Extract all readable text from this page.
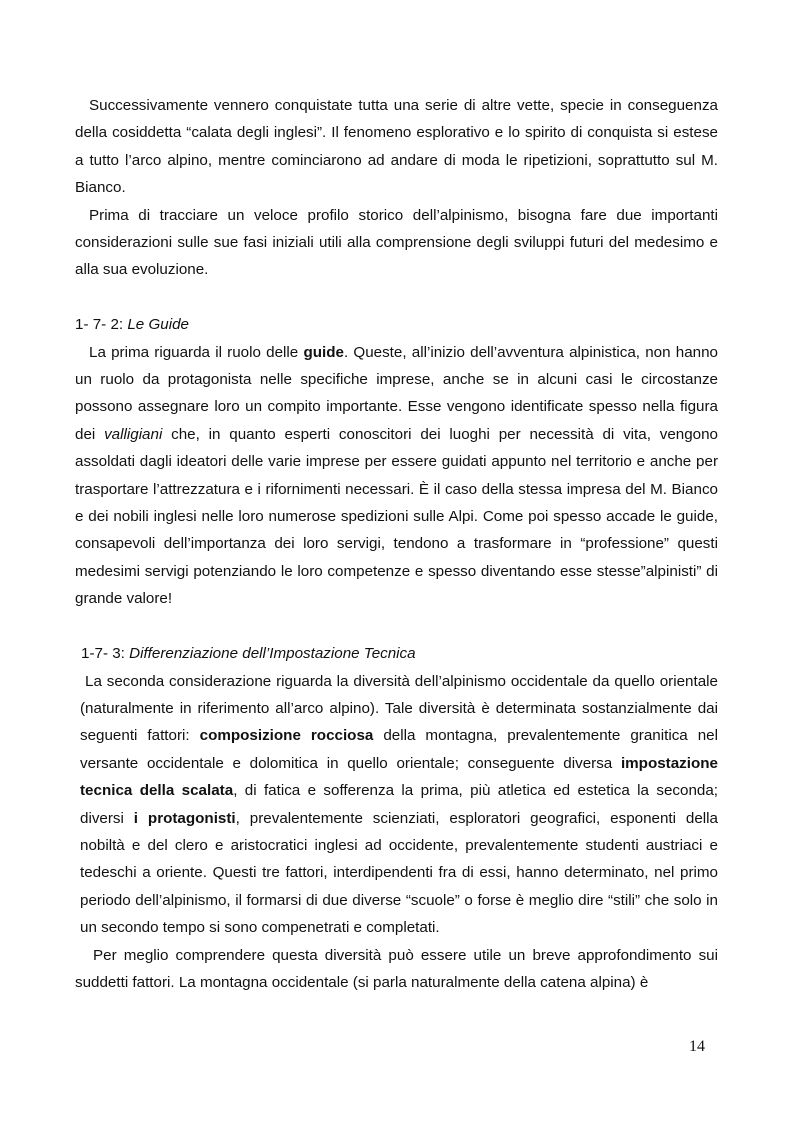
Successivamente vennero conquistate tutta una serie di altre vette, specie in conseguenza della cosiddetta “calata degli inglesi”. Il fenomeno esplorativo e lo spirito di conquista si estese a tutto l’arco alpino, mentre cominciarono ad andare di moda le ripetizioni, soprattutto sul M. Bianco.

Prima di tracciare un veloce profilo storico dell’alpinismo, bisogna fare due importanti considerazioni sulle sue fasi iniziali utili alla comprensione degli sviluppi futuri del medesimo e alla sua evoluzione.

1- 7- 2: Le Guide

La prima riguarda il ruolo delle guide. Queste, all’inizio dell’avventura alpinistica, non hanno un ruolo da protagonista nelle specifiche imprese, anche se in alcuni casi le circostanze possono assegnare loro un compito importante. Esse vengono identificate spesso nella figura dei valligiani che, in quanto esperti conoscitori dei luoghi per necessità di vita, vengono assoldati dagli ideatori delle varie imprese per essere guidati appunto nel territorio e anche per trasportare l’attrezzatura e i rifornimenti necessari. È il caso della stessa impresa del M. Bianco e dei nobili inglesi nelle loro numerose spedizioni sulle Alpi. Come poi spesso accade le guide, consapevoli dell’importanza dei loro servigi, tendono a trasformare in “professione” questi medesimi servigi potenziando le loro competenze e spesso diventando esse stesse”alpinisti” di grande valore!

1-7- 3: Differenziazione dell’Impostazione Tecnica

La seconda considerazione riguarda la diversità dell’alpinismo occidentale da quello orientale (naturalmente in riferimento all’arco alpino). Tale diversità è determinata sostanzialmente dai seguenti fattori: composizione rocciosa della montagna, prevalentemente granitica nel versante occidentale e dolomitica in quello orientale; conseguente diversa impostazione tecnica della scalata, di fatica e sofferenza la prima, più atletica ed estetica la seconda; diversi i protagonisti, prevalentemente scienziati, esploratori geografici, esponenti della nobiltà e del clero e aristocratici inglesi ad occidente, prevalentemente studenti austriaci e tedeschi a oriente. Questi tre fattori, interdipendenti fra di essi, hanno determinato, nel primo periodo dell’alpinismo, il formarsi di due diverse “scuole” o forse è meglio dire “stili” che solo in un secondo tempo si sono compenetrati e completati.

Per meglio comprendere questa diversità può essere utile un breve approfondimento sui suddetti fattori. La montagna occidentale (si parla naturalmente della catena alpina) è

14
